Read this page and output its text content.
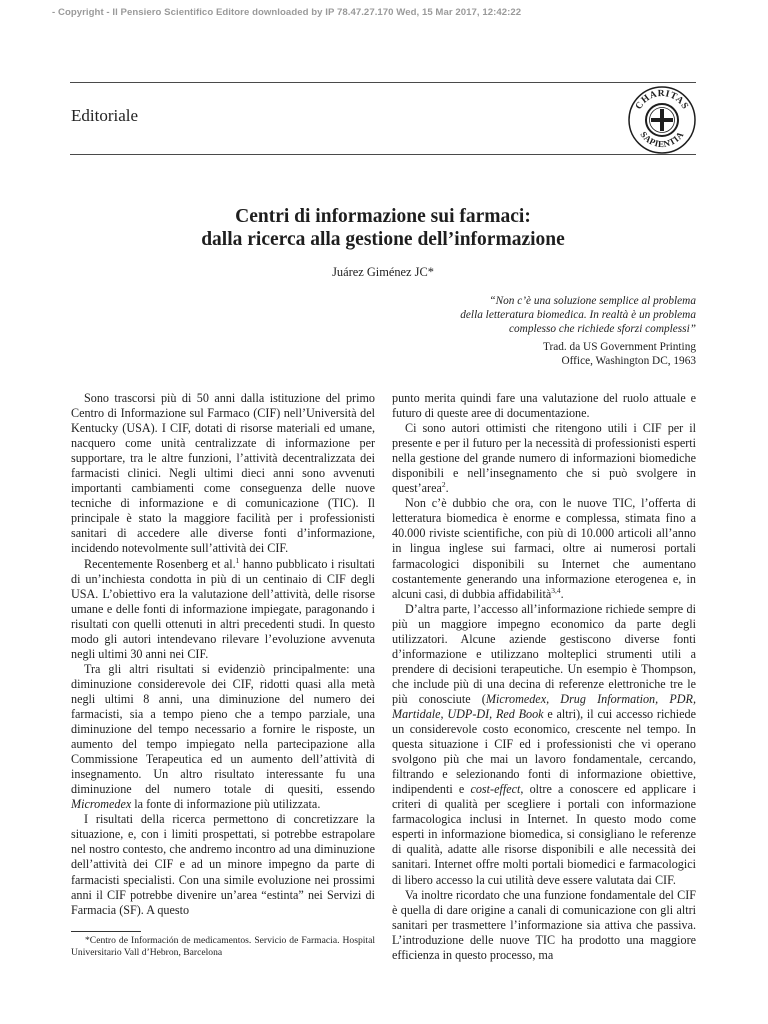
- Copyright - Il Pensiero Scientifico Editore downloaded by IP 78.47.27.170 Wed, 15 Mar 2017, 12:42:22
Editoriale
CHARITAS
SAPIENTIA
Centri di informazione sui farmaci:
dalla ricerca alla gestione dell’informazione
Juárez Giménez JC*
“Non c’è una soluzione semplice al problema
della letteratura biomedica. In realtà è un problema
complesso che richiede sforzi complessi”
Trad. da US Government Printing
Office, Washington DC, 1963

Sono trascorsi più di 50 anni dalla istituzione del primo Centro di Informazione sul Farmaco (CIF) nell’Università del Kentucky (USA). I CIF, dotati di risorse materiali ed umane, nacquero come unità centralizzate di informazione per supportare, tra le altre funzioni, l’attività decentralizzata dei farmacisti clinici. Negli ultimi dieci anni sono avvenuti importanti cambiamenti come conseguenza delle nuove tecniche di informazione e di comunicazione (TIC). Il principale è stato la maggiore facilità per i professionisti sanitari di accedere alle diverse fonti d’informazione, incidendo notevolmente sull’attività dei CIF.

Recentemente Rosenberg et al.$^1$ hanno pubblicato i risultati di un’inchiesta condotta in più di un centinaio di CIF degli USA. L’obiettivo era la valutazione dell’attività, delle risorse umane e delle fonti di informazione impiegate, paragonando i risultati con quelli ottenuti in altri precedenti studi. In questo modo gli autori intendevano rilevare l’evoluzione avvenuta negli ultimi 30 anni nei CIF.

Tra gli altri risultati si evidenziò principalmente: una diminuzione considerevole dei CIF, ridotti quasi alla metà negli ultimi 8 anni, una diminuzione del numero dei farmacisti, sia a tempo pieno che a tempo parziale, una diminuzione del tempo necessario a fornire le risposte, un aumento del tempo impiegato nella partecipazione alla Commissione Terapeutica ed un aumento dell’attività di insegnamento. Un altro risultato interessante fu una diminuzione del numero totale di quesiti, essendo Micromedex la fonte di informazione più utilizzata.

I risultati della ricerca permettono di concretizzare la situazione, e, con i limiti prospettati, si potrebbe estrapolare nel nostro contesto, che andremo incontro ad una diminuzione dell’attività dei CIF e ad un minore impegno da parte di farmacisti specialisti. Con una simile evoluzione nei prossimi anni il CIF potrebbe divenire un’area “estinta” nei Servizi di Farmacia (SF). A questo

punto merita quindi fare una valutazione del ruolo attuale e futuro di queste aree di documentazione.

Ci sono autori ottimisti che ritengono utili i CIF per il presente e per il futuro per la necessità di professionisti esperti nella gestione del grande numero di informazioni biomediche disponibili e nell’insegnamento che si può svolgere in quest’area$^2$.

Non c’è dubbio che ora, con le nuove TIC, l’offerta di letteratura biomedica è enorme e complessa, stimata fino a 40.000 riviste scientifiche, con più di 10.000 articoli all’anno in lingua inglese sui farmaci, oltre ai numerosi portali farmacologici disponibili su Internet che aumentano costantemente generando una informazione eterogenea e, in alcuni casi, di dubbia affidabilità$^{3,4}$.

D’altra parte, l’accesso all’informazione richiede sempre di più un maggiore impegno economico da parte degli utilizzatori. Alcune aziende gestiscono diverse fonti d’informazione e utilizzano molteplici strumenti utili a prendere di decisioni terapeutiche. Un esempio è Thompson, che include più di una decina di referenze elettroniche tre le più conosciute (Micromedex, Drug Information, PDR, Martidale, UDP-DI, Red Book e altri), il cui accesso richiede un considerevole costo economico, crescente nel tempo. In questa situazione i CIF ed i professionisti che vi operano svolgono più che mai un lavoro fondamentale, cercando, filtrando e selezionando fonti di informazione obiettive, indipendenti e cost-effect, oltre a conoscere ed applicare i criteri di qualità per scegliere i portali con informazione farmacologica inclusi in Internet. In questo modo come esperti in informazione biomedica, si consigliano le referenze di qualità, adatte alle risorse disponibili e alle necessità dei sanitari. Internet offre molti portali biomedici e farmacologici di libero accesso la cui utilità deve essere valutata dai CIF.

Va inoltre ricordato che una funzione fondamentale del CIF è quella di dare origine a canali di comunicazione con gli altri sanitari per trasmettere l’informazione sia attiva che passiva. L’introduzione delle nuove TIC ha prodotto una maggiore efficienza in questo processo, ma

*Centro de Información de medicamentos. Servicio de Farmacia. Hospital Universitario Vall d’Hebron, Barcelona
